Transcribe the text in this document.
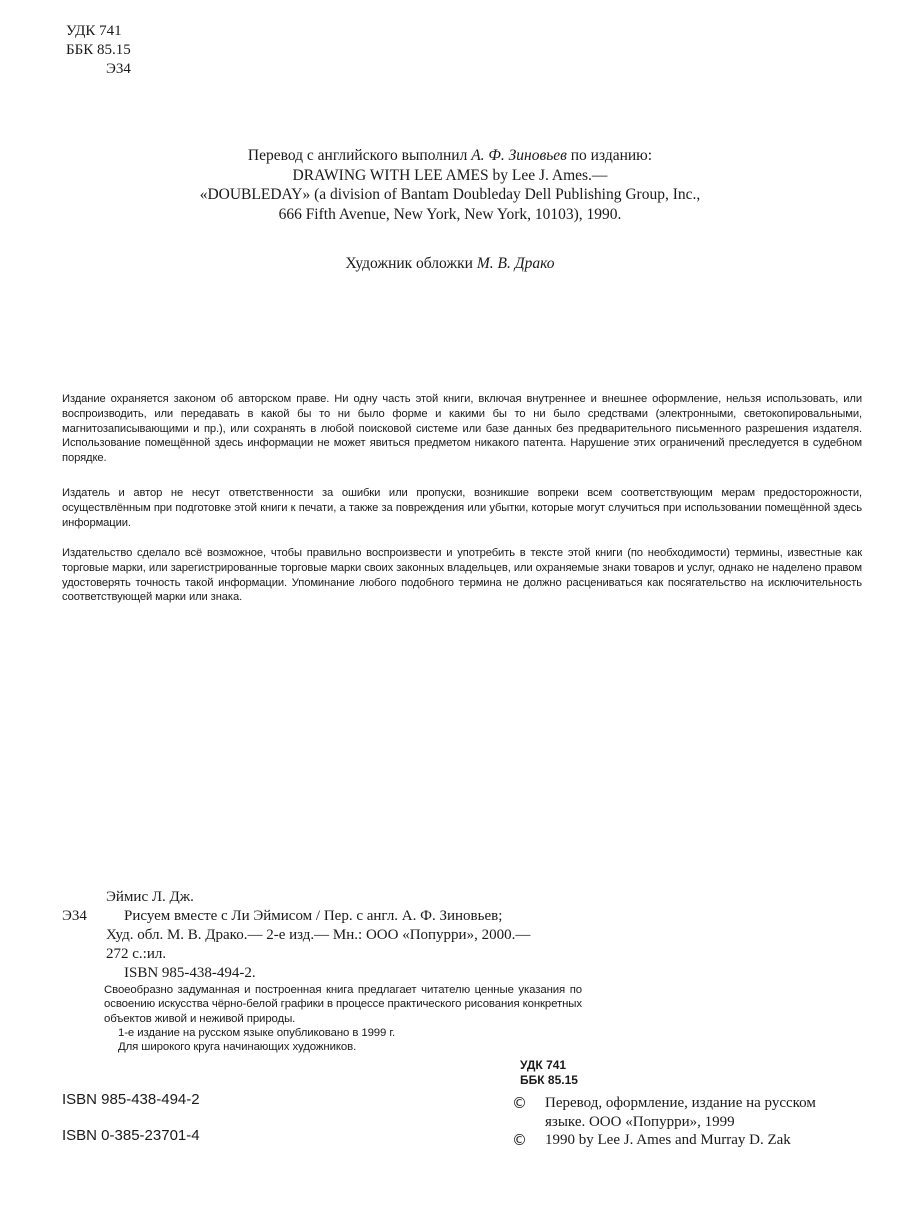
УДК 741
ББК 85.15
Э34
Перевод с английского выполнил А. Ф. Зиновьев по изданию:
DRAWING WITH LEE AMES by Lee J. Ames.—
«DOUBLEDAY» (a division of Bantam Doubleday Dell Publishing Group, Inc.,
666 Fifth Avenue, New York, New York, 10103), 1990.
Художник обложки М. В. Драко
Издание охраняется законом об авторском праве. Ни одну часть этой книги, включая внутреннее и внешнее оформление, нельзя использовать, или воспроизводить, или передавать в какой бы то ни было форме и какими бы то ни было средствами (электронными, светокопировальными, магнитозаписывающими и пр.), или сохранять в любой поисковой системе или базе данных без предварительного письменного разрешения издателя. Использование помещённой здесь информации не может явиться предметом никакого патента. Нарушение этих ограничений преследуется в судебном порядке.
Издатель и автор не несут ответственности за ошибки или пропуски, возникшие вопреки всем соответствующим мерам предосторожности, осуществлённым при подготовке этой книги к печати, а также за повреждения или убытки, которые могут случиться при использовании помещённой здесь информации.
Издательство сделало всё возможное, чтобы правильно воспроизвести и употребить в тексте этой книги (по необходимости) термины, известные как торговые марки, или зарегистрированные торговые марки своих законных владельцев, или охраняемые знаки товаров и услуг, однако не наделено правом удостоверять точность такой информации. Упоминание любого подобного термина не должно расцениваться как посягательство на исключительность соответствующей марки или знака.
Эймис Л. Дж.
Э34	Рисуем вместе с Ли Эймисом / Пер. с англ. А. Ф. Зиновьев;
Худ. обл. М. В. Драко.— 2-е изд.— Мн.: ООО «Попурри», 2000.—
272 с.:ил.
ISBN 985-438-494-2.
Своеобразно задуманная и построенная книга предлагает читателю ценные указания по освоению искусства чёрно-белой графики в процессе практического рисования конкретных объектов живой и неживой природы.
1-е издание на русском языке опубликовано в 1999 г.
Для широкого круга начинающих художников.
УДК 741
ББК 85.15
ISBN 985-438-494-2
ISBN 0-385-23701-4
© Перевод, оформление, издание на русском
языке. ООО «Попурри», 1999
© 1990 by Lee J. Ames and Murray D. Zak
